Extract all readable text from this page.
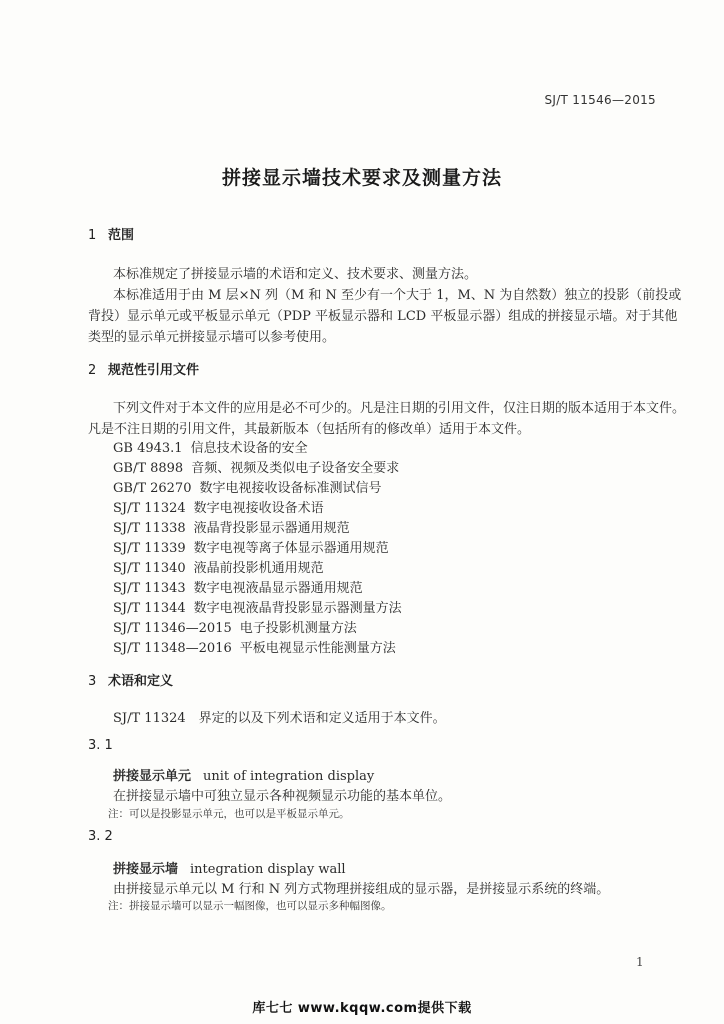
SJ/T 11546—2015
拼接显示墙技术要求及测量方法
1 范围
本标准规定了拼接显示墙的术语和定义、技术要求、测量方法。
本标准适用于由 M 层×N 列（M 和 N 至少有一个大于 1，M、N 为自然数）独立的投影（前投或
背投）显示单元或平板显示单元（PDP 平板显示器和 LCD 平板显示器）组成的拼接显示墙。对于其他
类型的显示单元拼接显示墙可以参考使用。
2 规范性引用文件
下列文件对于本文件的应用是必不可少的。凡是注日期的引用文件，仅注日期的版本适用于本文件。
凡是不注日期的引用文件，其最新版本（包括所有的修改单）适用于本文件。
GB 4943.1 信息技术设备的安全
GB/T 8898 音频、视频及类似电子设备安全要求
GB/T 26270 数字电视接收设备标准测试信号
SJ/T 11324 数字电视接收设备术语
SJ/T 11338 液晶背投影显示器通用规范
SJ/T 11339 数字电视等离子体显示器通用规范
SJ/T 11340 液晶前投影机通用规范
SJ/T 11343 数字电视液晶显示器通用规范
SJ/T 11344 数字电视液晶背投影显示器测量方法
SJ/T 11346—2015 电子投影机测量方法
SJ/T 11348—2016 平板电视显示性能测量方法
3 术语和定义
SJ/T 11324　界定的以及下列术语和定义适用于本文件。
3. 1
拼接显示单元 unit of integration display
在拼接显示墙中可独立显示各种视频显示功能的基本单位。
注：可以是投影显示单元，也可以是平板显示单元。
3. 2
拼接显示墙 integration display wall
由拼接显示单元以 M 行和 N 列方式物理拼接组成的显示器，是拼接显示系统的终端。
注：拼接显示墙可以显示一幅图像，也可以显示多种幅图像。
1
库七七 www.kqqw.com提供下载
